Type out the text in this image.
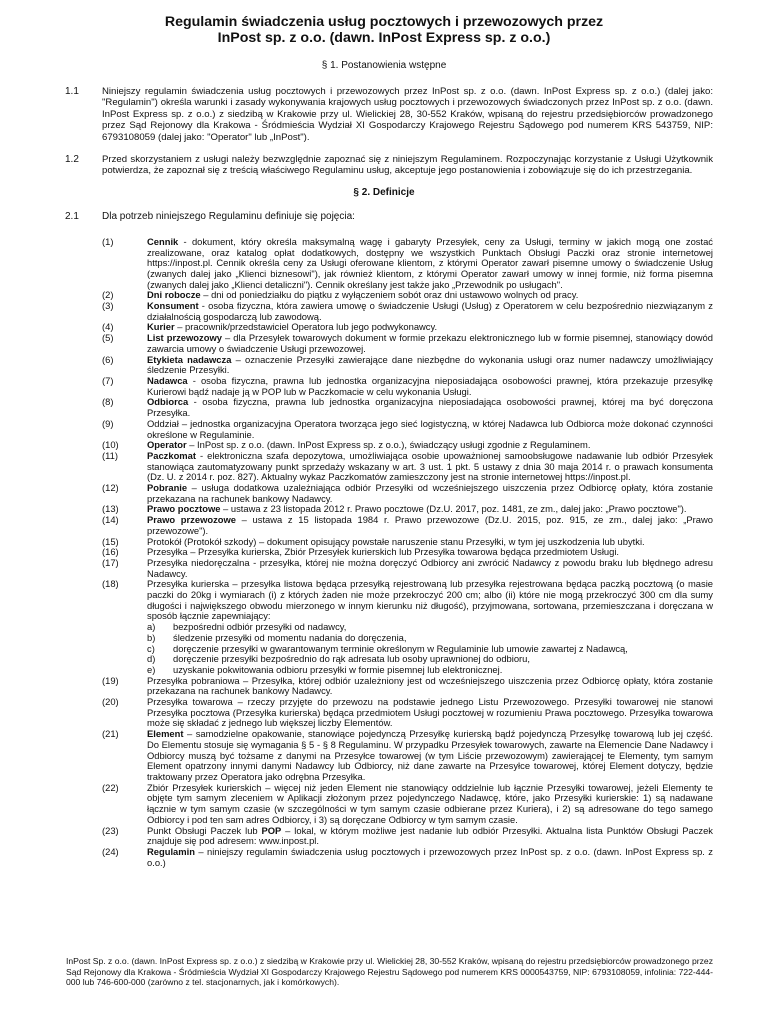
Regulamin świadczenia usług pocztowych i przewozowych przez
InPost sp. z o.o. (dawn. InPost Express sp. z o.o.)
§ 1. Postanowienia wstępne
1.1 Niniejszy regulamin świadczenia usług pocztowych i przewozowych przez InPost sp. z o.o. (dawn. InPost Express sp. z o.o.) (dalej jako: "Regulamin") określa warunki i zasady wykonywania krajowych usług pocztowych i przewozowych świadczonych przez InPost sp. z o.o. (dawn. InPost Express sp. z o.o.) z siedzibą w Krakowie przy ul. Wielickiej 28, 30-552 Kraków, wpisaną do rejestru przedsiębiorców prowadzonego przez Sąd Rejonowy dla Krakowa - Śródmieścia Wydział XI Gospodarczy Krajowego Rejestru Sądowego pod numerem KRS 543759, NIP: 6793108059 (dalej jako: "Operator" lub „InPost").
1.2 Przed skorzystaniem z usługi należy bezwzględnie zapoznać się z niniejszym Regulaminem. Rozpoczynając korzystanie z Usługi Użytkownik potwierdza, że zapoznał się z treścią właściwego Regulaminu usług, akceptuje jego postanowienia i zobowiązuje się do ich przestrzegania.
§ 2. Definicje
2.1 Dla potrzeb niniejszego Regulaminu definiuje się pojęcia:
(1)	Cennik - dokument, który określa maksymalną wagę i gabaryty Przesyłek, ceny za Usługi, terminy w jakich mogą one zostać zrealizowane, oraz katalog opłat dodatkowych, dostępny we wszystkich Punktach Obsługi Paczki oraz stronie internetowej https://inpost.pl. Cennik określa ceny za Usługi oferowane klientom, z którymi Operator zawarł pisemne umowy o świadczenie Usług (zwanych dalej jako „Klienci biznesowi"), jak również klientom, z którymi Operator zawarł umowy w innej formie, niż forma pisemna (zwanych dalej jako „Klienci detaliczni"). Cennik określany jest także jako „Przewodnik po usługach".
(2)	Dni robocze – dni od poniedziałku do piątku z wyłączeniem sobót oraz dni ustawowo wolnych od pracy.
(3)	Konsument - osoba fizyczna, która zawiera umowę o świadczenie Usługi (Usług) z Operatorem w celu bezpośrednio niezwiązanym z działalnością gospodarczą lub zawodową.
(4)	Kurier – pracownik/przedstawiciel Operatora lub jego podwykonawcy.
(5)	List przewozowy – dla Przesyłek towarowych dokument w formie przekazu elektronicznego lub w formie pisemnej, stanowiący dowód zawarcia umowy o świadczenie Usługi przewozowej.
(6)	Etykieta nadawcza – oznaczenie Przesyłki zawierające dane niezbędne do wykonania usługi oraz numer nadawczy umożliwiający śledzenie Przesyłki.
(7)	Nadawca - osoba fizyczna, prawna lub jednostka organizacyjna nieposiadająca osobowości prawnej, która przekazuje przesyłkę Kurierowi bądź nadaje ją w POP lub w Paczkomacie w celu wykonania Usługi.
(8)	Odbiorca - osoba fizyczna, prawna lub jednostka organizacyjna nieposiadająca osobowości prawnej, której ma być doręczona Przesyłka.
(9)	Oddział – jednostka organizacyjna Operatora tworząca jego sieć logistyczną, w której Nadawca lub Odbiorca może dokonać czynności określone w Regulaminie.
(10)	Operator – InPost sp. z o.o. (dawn. InPost Express sp. z o.o.), świadczący usługi zgodnie z Regulaminem.
(11)	Paczkomat - elektroniczna szafa depozytowa, umożliwiająca osobie upoważnionej samoobsługowe nadawanie lub odbiór Przesyłek stanowiąca zautomatyzowany punkt sprzedaży wskazany w art. 3 ust. 1 pkt. 5 ustawy z dnia 30 maja 2014 r. o prawach konsumenta (Dz. U. z 2014 r. poz. 827). Aktualny wykaz Paczkomatów zamieszczony jest na stronie internetowej https://inpost.pl.
(12)	Pobranie – usługa dodatkowa uzależniająca odbiór Przesyłki od wcześniejszego uiszczenia przez Odbiorcę opłaty, która zostanie przekazana na rachunek bankowy Nadawcy.
(13)	Prawo pocztowe – ustawa z 23 listopada 2012 r. Prawo pocztowe (Dz.U. 2017, poz. 1481, ze zm., dalej jako: „Prawo pocztowe").
(14)	Prawo przewozowe – ustawa z 15 listopada 1984 r. Prawo przewozowe (Dz.U. 2015, poz. 915, ze zm., dalej jako: „Prawo przewozowe").
(15)	Protokół (Protokół szkody) – dokument opisujący powstałe naruszenie stanu Przesyłki, w tym jej uszkodzenia lub ubytki.
(16)	Przesyłka – Przesyłka kurierska, Zbiór Przesyłek kurierskich lub Przesyłka towarowa będąca przedmiotem Usługi.
(17)	Przesyłka niedoręczalna - przesyłka, której nie można doręczyć Odbiorcy ani zwrócić Nadawcy z powodu braku lub błędnego adresu Nadawcy.
(18)	Przesyłka kurierska – przesyłka listowa będąca przesyłką rejestrowaną lub przesyłka rejestrowana będąca paczką pocztową (o masie paczki do 20kg i wymiarach (i) z których żaden nie może przekroczyć 200 cm; albo (ii) które nie mogą przekroczyć 300 cm dla sumy długości i największego obwodu mierzonego w innym kierunku niż długość), przyjmowana, sortowana, przemieszczana i doręczana w sposób łącznie zapewniający:
a) bezpośredni odbiór przesyłki od nadawcy,
b) śledzenie przesyłki od momentu nadania do doręczenia,
c) doręczenie przesyłki w gwarantowanym terminie określonym w Regulaminie lub umowie zawartej z Nadawcą,
d) doręczenie przesyłki bezpośrednio do rąk adresata lub osoby uprawnionej do odbioru,
e) uzyskanie pokwitowania odbioru przesyłki w formie pisemnej lub elektronicznej.
(19)	Przesyłka pobraniowa – Przesyłka, której odbiór uzależniony jest od wcześniejszego uiszczenia przez Odbiorcę opłaty, która zostanie przekazana na rachunek bankowy Nadawcy.
(20)	Przesyłka towarowa – rzeczy przyjęte do przewozu na podstawie jednego Listu Przewozowego. Przesyłki towarowej nie stanowi Przesyłka pocztowa (Przesyłka kurierska) będąca przedmiotem Usługi pocztowej w rozumieniu Prawa pocztowego. Przesyłka towarowa może się składać z jednego lub większej liczby Elementów.
(21)	Element – samodzielne opakowanie, stanowiące pojedynczą Przesyłkę kurierską bądź pojedynczą Przesyłkę towarową lub jej część. Do Elementu stosuje się wymagania § 5 - § 8 Regulaminu. W przypadku Przesyłek towarowych, zawarte na Elemencie Dane Nadawcy i Odbiorcy muszą być tożsame z danymi na Przesyłce towarowej (w tym Liście przewozowym) zawierającej te Elementy, tym samym Element opatrzony innymi danymi Nadawcy lub Odbiorcy, niż dane zawarte na Przesyłce towarowej, której Element dotyczy, będzie traktowany przez Operatora jako odrębna Przesyłka.
(22)	Zbiór Przesyłek kurierskich – więcej niż jeden Element nie stanowiący oddzielnie lub łącznie Przesyłki towarowej, jeżeli Elementy te objęte tym samym zleceniem w Aplikacji złożonym przez pojedynczego Nadawcę, które, jako Przesyłki kurierskie: 1) są nadawane łącznie w tym samym czasie (w szczególności w tym samym czasie odbierane przez Kuriera), i 2) są adresowane do tego samego Odbiorcy i pod ten sam adres Odbiorcy, i 3) są doręczane Odbiorcy w tym samym czasie.
(23)	Punkt Obsługi Paczek lub POP – lokal, w którym możliwe jest nadanie lub odbiór Przesyłki. Aktualna lista Punktów Obsługi Paczek znajduje się pod adresem: www.inpost.pl.
(24)	Regulamin – niniejszy regulamin świadczenia usług pocztowych i przewozowych przez InPost sp. z o.o. (dawn. InPost Express sp. z o.o.)
InPost Sp. z o.o. (dawn. InPost Express sp. z o.o.) z siedzibą w Krakowie przy ul. Wielickiej 28, 30-552 Kraków, wpisaną do rejestru przedsiębiorców prowadzonego przez Sąd Rejonowy dla Krakowa - Śródmieścia Wydział XI Gospodarczy Krajowego Rejestru Sądowego pod numerem KRS 0000543759, NIP: 6793108059, infolinia: 722-444-000 lub 746-600-000 (zarówno z tel. stacjonarnych, jak i komórkowych).
